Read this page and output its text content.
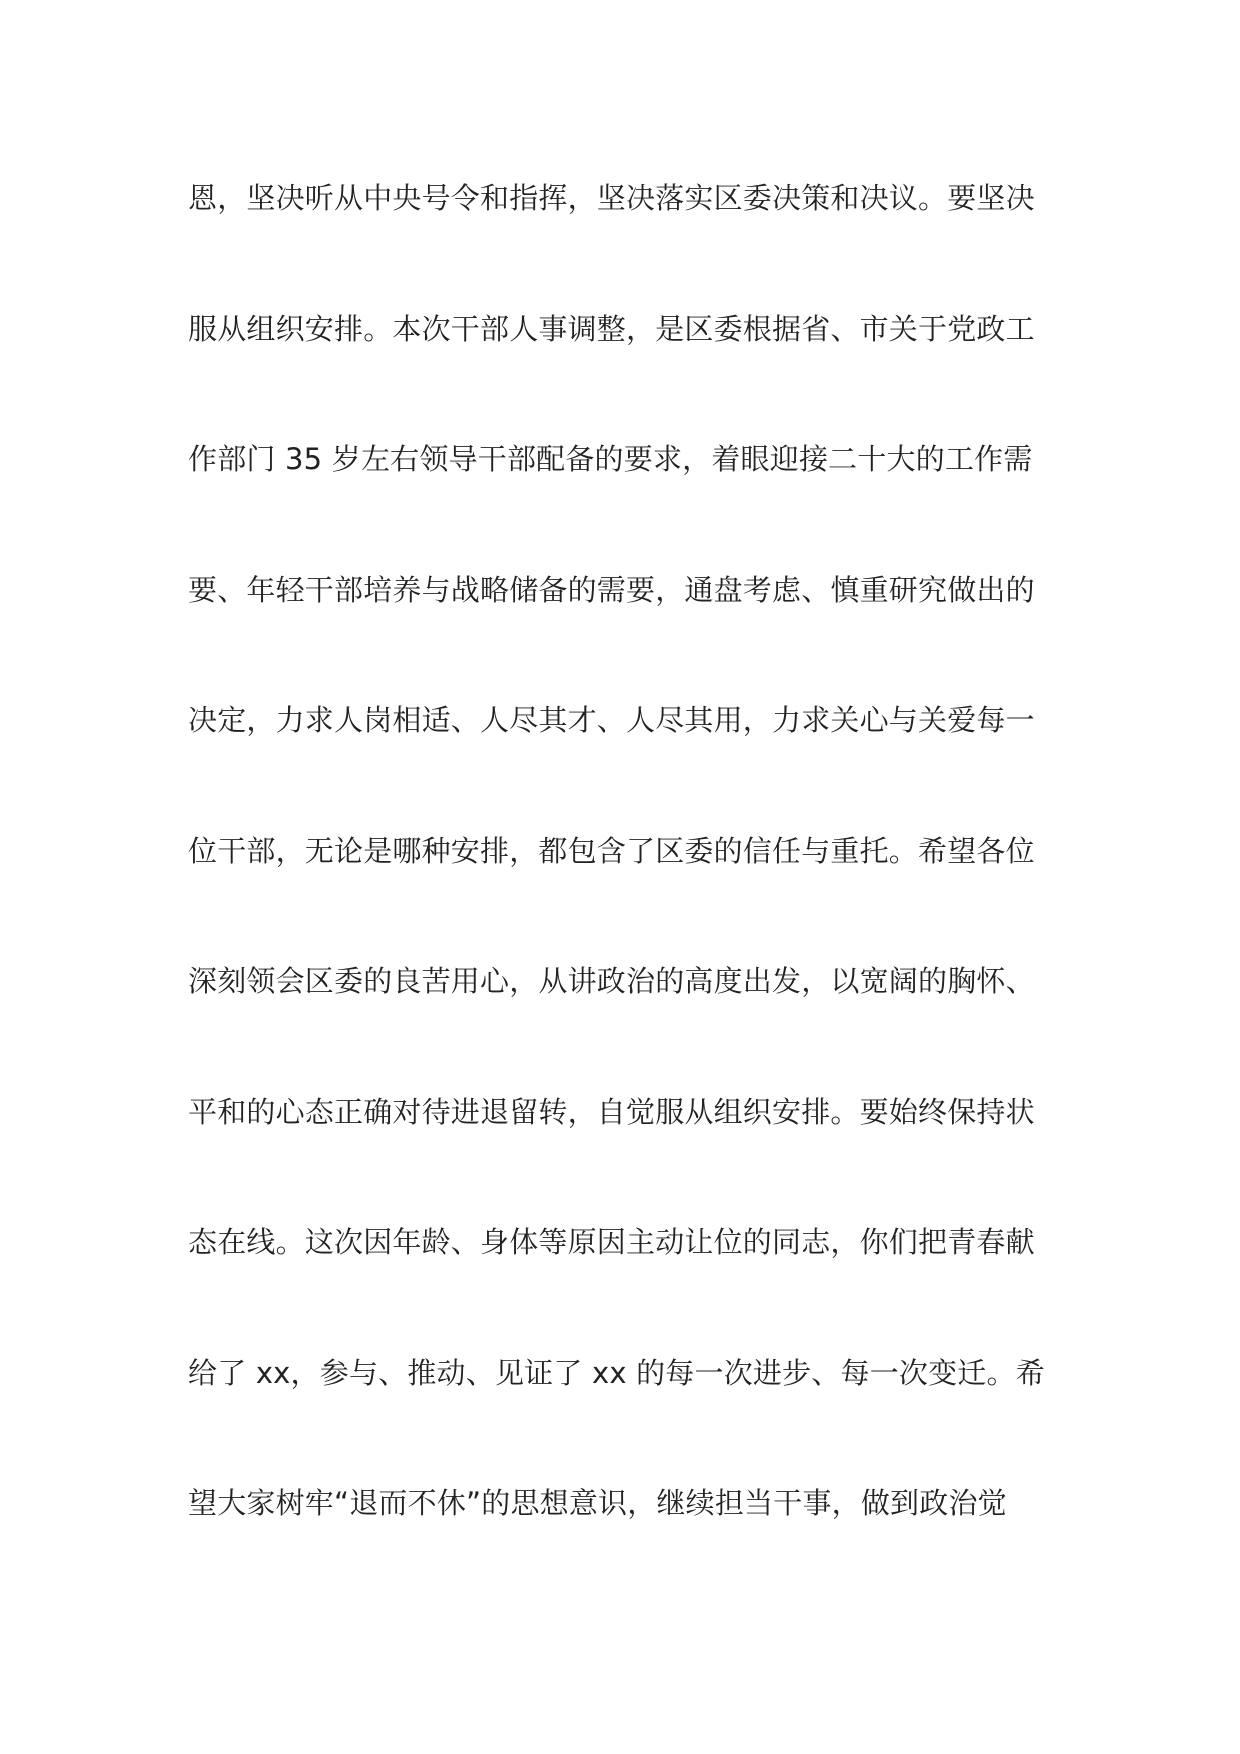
恩，坚决听从中央号令和指挥，坚决落实区委决策和决议。要坚决
服从组织安排。本次干部人事调整，是区委根据省、市关于党政工
作部门 35 岁左右领导干部配备的要求，着眼迎接二十大的工作需
要、年轻干部培养与战略储备的需要，通盘考虑、慎重研究做出的
决定，力求人岗相适、人尽其才、人尽其用，力求关心与关爱每一
位干部，无论是哪种安排，都包含了区委的信任与重托。希望各位
深刻领会区委的良苦用心，从讲政治的高度出发，以宽阔的胸怀、
平和的心态正确对待进退留转，自觉服从组织安排。要始终保持状
态在线。这次因年龄、身体等原因主动让位的同志，你们把青春献
给了 xx，参与、推动、见证了 xx 的每一次进步、每一次变迁。希
望大家树牢“退而不休”的思想意识，继续担当干事，做到政治觉
